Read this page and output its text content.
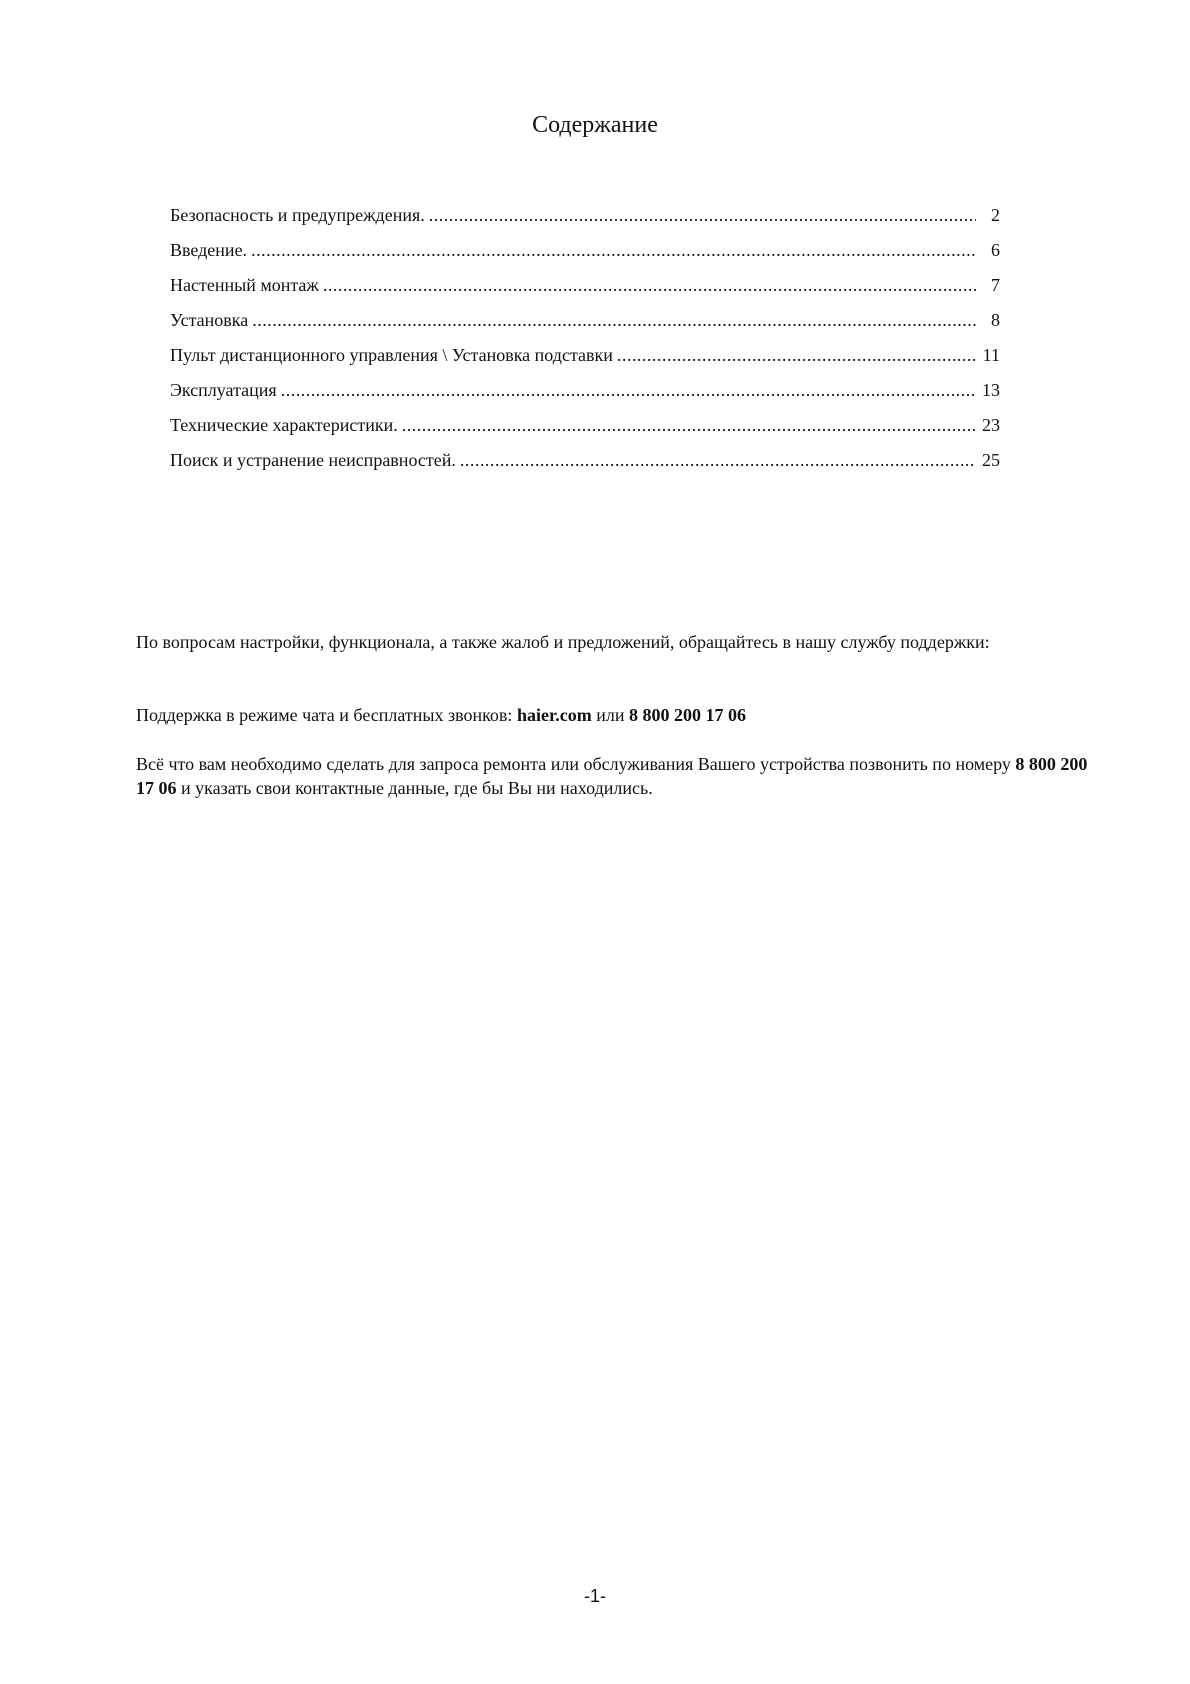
Содержание
Безопасность и предупреждения. .....	2
Введение. .....	6
Настенный монтаж .....	7
Установка .....	8
Пульт дистанционного управления \ Установка подставки .....	11
Эксплуатация .....	13
Технические характеристики. .....	23
Поиск и устранение неисправностей. .....	25

По вопросам настройки, функционала, а также жалоб и предложений, обращайтесь в нашу службу поддержки:

Поддержка в режиме чата и бесплатных звонков: haier.com или 8 800 200 17 06

Всё что вам необходимо сделать для запроса ремонта или обслуживания Вашего устройства позвонить по номеру 8 800 200 17 06 и указать свои контактные данные, где бы Вы ни находились.

-1-
